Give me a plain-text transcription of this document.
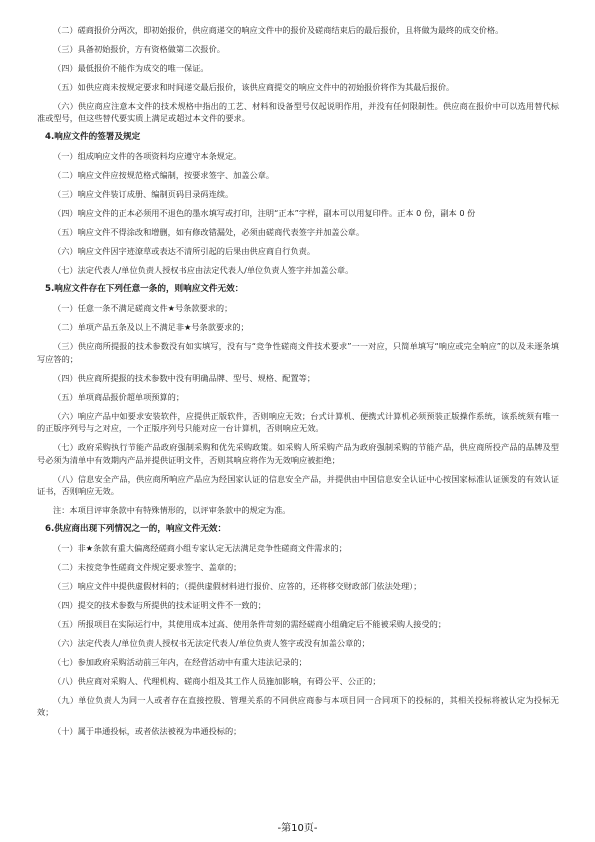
（二）磋商报价分两次，即初始报价，供应商递交的响应文件中的报价及磋商结束后的最后报价，且将做为最终的成交价格。

（三）具备初始报价，方有资格做第二次报价。

（四）最低报价不能作为成交的唯一保证。

（五）如供应商未按规定要求和时间递交最后报价，该供应商提交的响应文件中的初始报价将作为其最后报价。

（六）供应商应注意本文件的技术规格中指出的工艺、材料和设备型号仅起说明作用，并没有任何限制性。供应商在报价中可以选用替代标准或型号，但这些替代要实质上满足或超过本文件的要求。

4.响应文件的签署及规定

（一）组成响应文件的各项资料均应遵守本条规定。

（二）响应文件应按规范格式编制，按要求签字、加盖公章。

（三）响应文件装订成册、编制页码目录码连续。

（四）响应文件的正本必须用不退色的墨水填写或打印，注明“正本”字样，副本可以用复印件。正本 0 份，副本 0 份

（五）响应文件不得涂改和增删，如有修改错漏处，必须由磋商代表签字并加盖公章。

（六）响应文件因字迹潦草或表达不清所引起的后果由供应商自行负责。

（七）法定代表人/单位负责人授权书应由法定代表人/单位负责人签字并加盖公章。

5.响应文件存在下列任意一条的，则响应文件无效：

（一）任意一条不满足磋商文件★号条款要求的；

（二）单项产品五条及以上不满足非★号条款要求的；

（三）供应商所提报的技术参数没有如实填写，没有与“竞争性磋商文件技术要求”一一对应，只简单填写“响应或完全响应”的以及未逐条填写应答的；

（四）供应商所提报的技术参数中没有明确品牌、型号、规格、配置等；

（五）单项商品报价超单项预算的；

（六）响应产品中如要求安装软件，应提供正版软件，否则响应无效；台式计算机、便携式计算机必须预装正版操作系统，该系统须有唯一的正版序列号与之对应，一个正版序列号只能对应一台计算机，否则响应无效。

（七）政府采购执行节能产品政府强制采购和优先采购政策。如采购人所采购产品为政府强制采购的节能产品，供应商所投产品的品牌及型号必须为清单中有效期内产品并提供证明文件，否则其响应将作为无效响应被拒绝；

（八）信息安全产品，供应商所响应产品应为经国家认证的信息安全产品，并提供由中国信息安全认证中心按国家标准认证颁发的有效认证证书，否则响应无效。

注：本项目评审条款中有特殊情形的，以评审条款中的规定为准。

6.供应商出现下列情况之一的，响应文件无效：

（一）非★条款有重大偏离经磋商小组专家认定无法满足竞争性磋商文件需求的；

（二）未按竞争性磋商文件规定要求签字、盖章的；

（三）响应文件中提供虚假材料的；（提供虚假材料进行报价、应答的，还将移交财政部门依法处理）；

（四）提交的技术参数与所提供的技术证明文件不一致的；

（五）所报项目在实际运行中，其使用成本过高、使用条件苛刻的需经磋商小组确定后不能被采购人接受的；

（六）法定代表人/单位负责人授权书无法定代表人/单位负责人签字或没有加盖公章的；

（七）参加政府采购活动前三年内，在经营活动中有重大违法记录的；

（八）供应商对采购人、代理机构、磋商小组及其工作人员施加影响，有碍公平、公正的；

（九）单位负责人为同一人或者存在直接控股、管理关系的不同供应商参与本项目同一合同项下的投标的，其相关投标将被认定为投标无效；

（十）属于串通投标，或者依法被视为串通投标的；

-第10页-
